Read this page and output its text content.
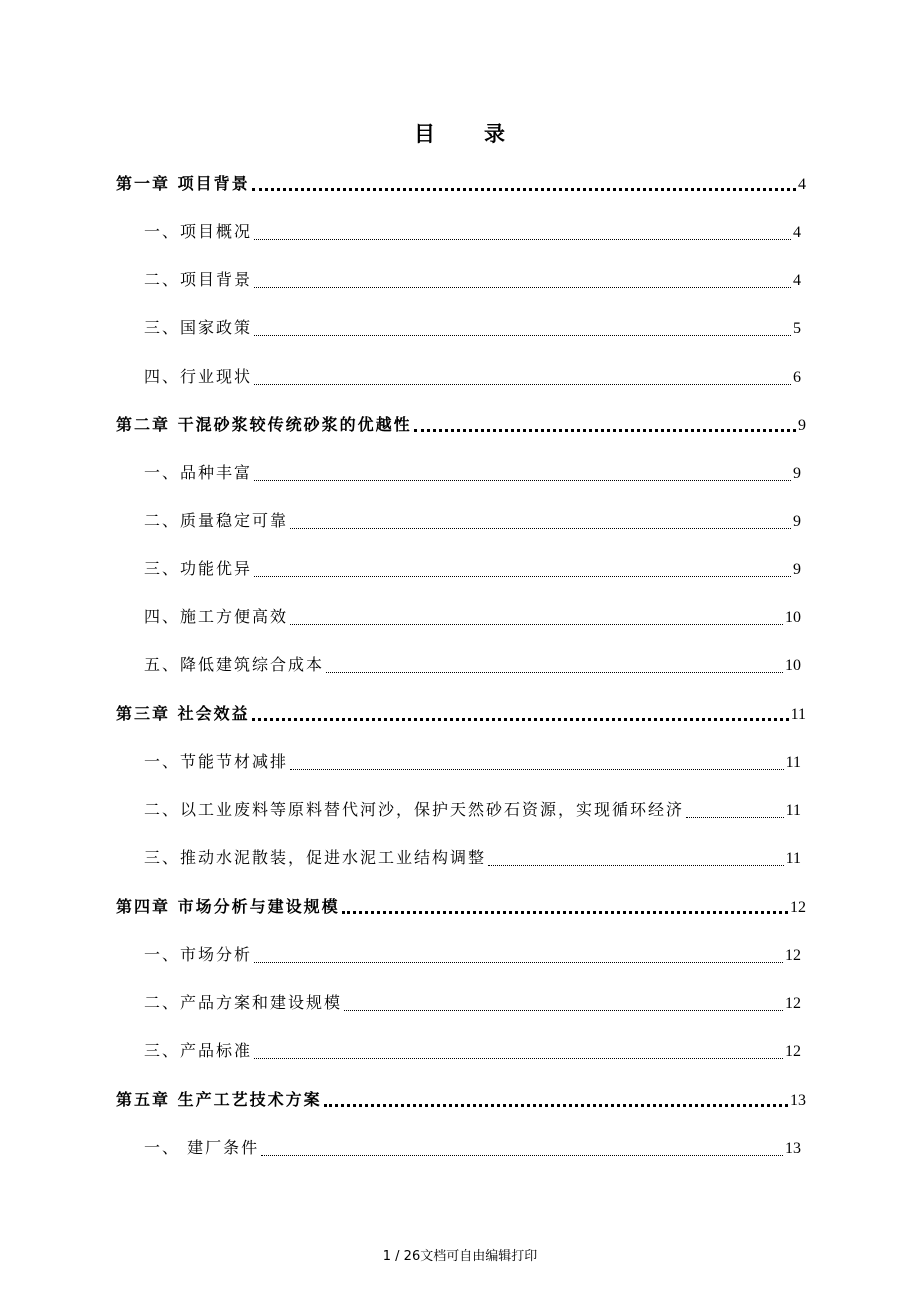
目 录
第一章 项目背景	4
一、项目概况	4
二、项目背景	4
三、国家政策	5
四、行业现状	6
第二章 干混砂浆较传统砂浆的优越性	9
一、品种丰富	9
二、质量稳定可靠	9
三、功能优异	9
四、施工方便高效	10
五、降低建筑综合成本	10
第三章 社会效益	11
一、节能节材减排	11
二、以工业废料等原料替代河沙，保护天然砂石资源，实现循环经济	11
三、推动水泥散装，促进水泥工业结构调整	11
第四章 市场分析与建设规模	12
一、市场分析	12
二、产品方案和建设规模	12
三、产品标准	12
第五章 生产工艺技术方案	13
一、 建厂条件	13
1 / 26文档可自由编辑打印
